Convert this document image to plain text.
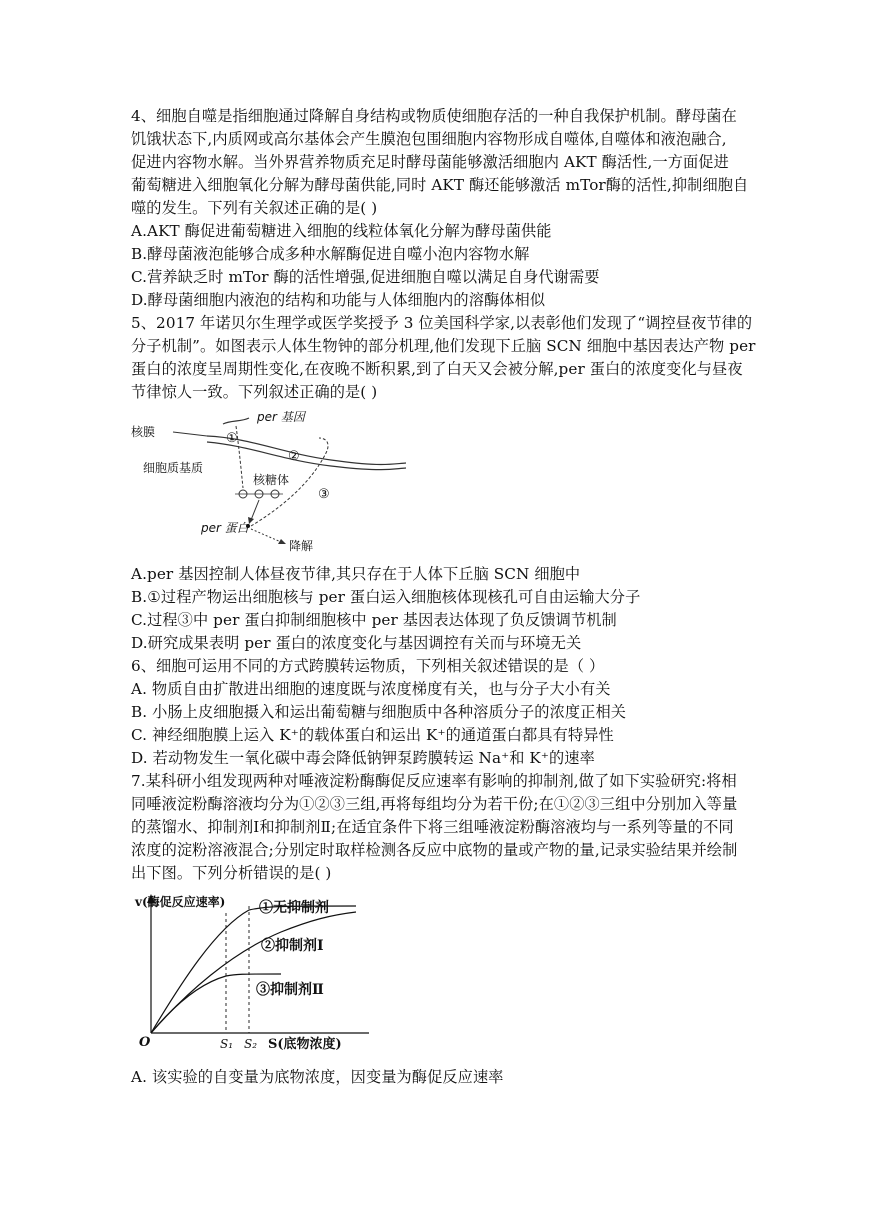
4、细胞自噬是指细胞通过降解自身结构或物质使细胞存活的一种自我保护机制。酵母菌在
饥饿状态下,内质网或高尔基体会产生膜泡包围细胞内容物形成自噬体,自噬体和液泡融合,
促进内容物水解。当外界营养物质充足时酵母菌能够激活细胞内 AKT 酶活性,一方面促进
葡萄糖进入细胞氧化分解为酵母菌供能,同时 AKT 酶还能够激活 mTor酶的活性,抑制细胞自
噬的发生。下列有关叙述正确的是( )
A.AKT 酶促进葡萄糖进入细胞的线粒体氧化分解为酵母菌供能
B.酵母菌液泡能够合成多种水解酶促进自噬小泡内容物水解
C.营养缺乏时 mTor 酶的活性增强,促进细胞自噬以满足自身代谢需要
D.酵母菌细胞内液泡的结构和功能与人体细胞内的溶酶体相似
5、2017 年诺贝尔生理学或医学奖授予 3 位美国科学家,以表彰他们发现了“调控昼夜节律的
分子机制”。如图表示人体生物钟的部分机理,他们发现下丘脑 SCN 细胞中基因表达产物 per
蛋白的浓度呈周期性变化,在夜晚不断积累,到了白天又会被分解,per 蛋白的浓度变化与昼夜
节律惊人一致。下列叙述正确的是( )
per 基因
核膜
细胞质基质
核糖体
per 蛋白
降解
①
②
③
A.per 基因控制人体昼夜节律,其只存在于人体下丘脑 SCN 细胞中
B.①过程产物运出细胞核与 per 蛋白运入细胞核体现核孔可自由运输大分子
C.过程③中 per 蛋白抑制细胞核中 per 基因表达体现了负反馈调节机制
D.研究成果表明 per 蛋白的浓度变化与基因调控有关而与环境无关
6、细胞可运用不同的方式跨膜转运物质，下列相关叙述错误的是（ ）
A. 物质自由扩散进出细胞的速度既与浓度梯度有关，也与分子大小有关
B. 小肠上皮细胞摄入和运出葡萄糖与细胞质中各种溶质分子的浓度正相关
C. 神经细胞膜上运入 K⁺的载体蛋白和运出 K⁺的通道蛋白都具有特异性
D. 若动物发生一氧化碳中毒会降低钠钾泵跨膜转运 Na⁺和 K⁺的速率
7.某科研小组发现两种对唾液淀粉酶酶促反应速率有影响的抑制剂,做了如下实验研究:将相
同唾液淀粉酶溶液均分为①②③三组,再将每组均分为若干份;在①②③三组中分别加入等量
的蒸馏水、抑制剂Ⅰ和抑制剂Ⅱ;在适宜条件下将三组唾液淀粉酶溶液均与一系列等量的不同
浓度的淀粉溶液混合;分别定时取样检测各反应中底物的量或产物的量,记录实验结果并绘制
出下图。下列分析错误的是( )
v(酶促反应速率)
O	S₁ S₂ S(底物浓度)
①无抑制剂
②抑制剂Ⅰ
③抑制剂Ⅱ
A. 该实验的自变量为底物浓度，因变量为酶促反应速率
